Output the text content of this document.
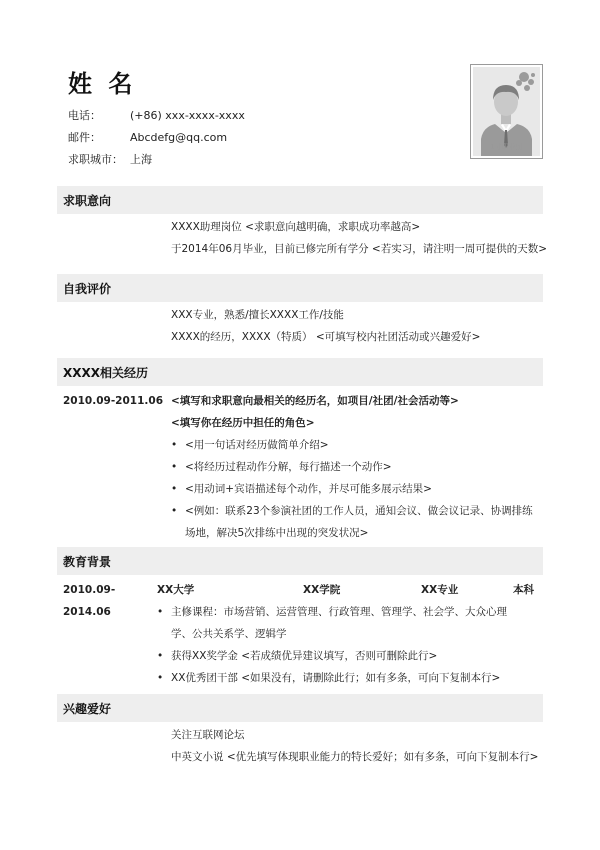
姓 名
电话：	(+86) xxx-xxxx-xxxx
邮件：	Abcdefg@qq.com
求职城市： 上海
1寸职业照
求职意向
XXXX助理岗位 <求职意向越明确，求职成功率越高>
于2014年06月毕业，目前已修完所有学分 <若实习，请注明一周可提供的天数>
自我评价
XXX专业，熟悉/擅长XXXX工作/技能
XXXX的经历，XXXX（特质） <可填写校内社团活动或兴趣爱好>
XXXX相关经历
2010.09-2011.06 <填写和求职意向最相关的经历名，如项目/社团/社会活动等>
<填写你在经历中担任的角色>
• <用一句话对经历做简单介绍>
• <将经历过程动作分解，每行描述一个动作>
• <用动词+宾语描述每个动作，并尽可能多展示结果>
• <例如：联系23个参演社团的工作人员，通知会议、做会议记录、协调排练场地，解决5次排练中出现的突发状况>
教育背景
2010.09-2014.06
XX大学	XX学院	XX专业	本科
• 主修课程：市场营销、运营管理、行政管理、管理学、社会学、大众心理学、公共关系学、逻辑学
• 获得XX奖学金 <若成绩优异建议填写，否则可删除此行>
• XX优秀团干部 <如果没有，请删除此行；如有多条，可向下复制本行>
兴趣爱好
关注互联网论坛
中英文小说 <优先填写体现职业能力的特长爱好；如有多条，可向下复制本行>
